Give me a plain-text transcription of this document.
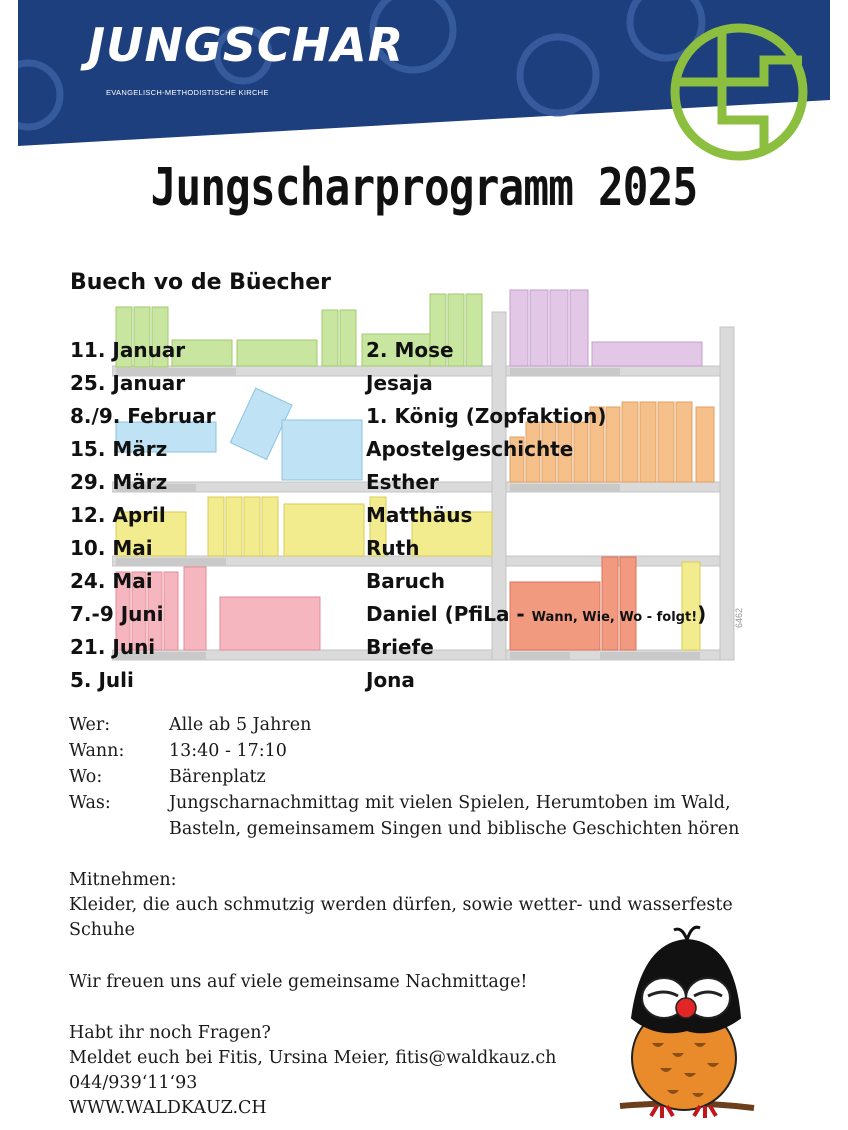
JUNGSCHAR
EVANGELISCH-METHODISTISCHE KIRCHE
Jungscharprogramm 2025
6462
Buech vo de Büecher
11. Januar	2. Mose
25. Januar	Jesaja
8./9. Februar	1. König (Zopfaktion)
15. März	Apostelgeschichte
29. März	Esther
12. April	Matthäus
10. Mai	Ruth
24. Mai	Baruch
7.-9 Juni	Daniel (PfiLa - Wann, Wie, Wo - folgt!)
21. Juni	Briefe
5. Juli	Jona
Wer:	Alle ab 5 Jahren
Wann:	13:40 - 17:10
Wo:	Bärenplatz
Was:	Jungscharnachmittag mit vielen Spielen, Herumtoben im Wald,
Basteln, gemeinsamem Singen und biblische Geschichten hören
Mitnehmen:
Kleider, die auch schmutzig werden dürfen, sowie wetter- und wasserfeste
Schuhe
Wir freuen uns auf viele gemeinsame Nachmittage!
Habt ihr noch Fragen?
Meldet euch bei Fitis, Ursina Meier, fitis@waldkauz.ch
044/939‘11‘93
WWW.WALDKAUZ.CH
